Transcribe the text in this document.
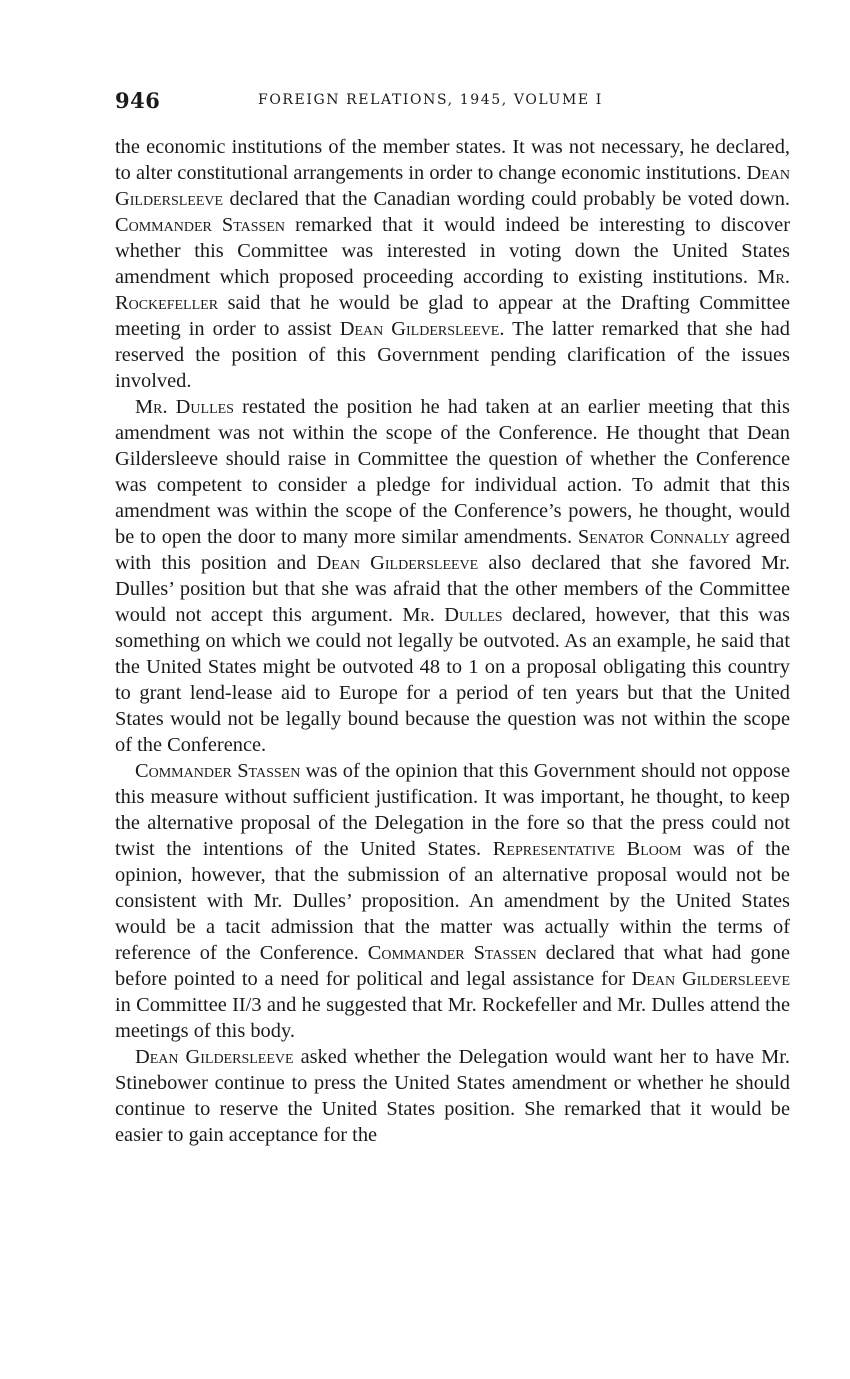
946	FOREIGN RELATIONS, 1945, VOLUME I

the economic institutions of the member states. It was not necessary, he declared, to alter constitutional arrangements in order to change economic institutions. Dean Gildersleeve declared that the Canadian wording could probably be voted down. Commander Stassen remarked that it would indeed be interesting to discover whether this Committee was interested in voting down the United States amendment which proposed proceeding according to existing institutions. Mr. Rockefeller said that he would be glad to appear at the Drafting Committee meeting in order to assist Dean Gildersleeve. The latter remarked that she had reserved the position of this Government pending clarification of the issues involved.

Mr. Dulles restated the position he had taken at an earlier meeting that this amendment was not within the scope of the Conference. He thought that Dean Gildersleeve should raise in Committee the question of whether the Conference was competent to consider a pledge for individual action. To admit that this amendment was within the scope of the Conference’s powers, he thought, would be to open the door to many more similar amendments. Senator Connally agreed with this position and Dean Gildersleeve also declared that she favored Mr. Dulles’ position but that she was afraid that the other members of the Committee would not accept this argument. Mr. Dulles declared, however, that this was something on which we could not legally be outvoted. As an example, he said that the United States might be outvoted 48 to 1 on a proposal obligating this country to grant lend-lease aid to Europe for a period of ten years but that the United States would not be legally bound because the question was not within the scope of the Conference.

Commander Stassen was of the opinion that this Government should not oppose this measure without sufficient justification. It was important, he thought, to keep the alternative proposal of the Delegation in the fore so that the press could not twist the intentions of the United States. Representative Bloom was of the opinion, however, that the submission of an alternative proposal would not be consistent with Mr. Dulles’ proposition. An amendment by the United States would be a tacit admission that the matter was actually within the terms of reference of the Conference. Commander Stassen declared that what had gone before pointed to a need for political and legal assistance for Dean Gildersleeve in Committee II/3 and he suggested that Mr. Rockefeller and Mr. Dulles attend the meetings of this body.

Dean Gildersleeve asked whether the Delegation would want her to have Mr. Stinebower continue to press the United States amendment or whether he should continue to reserve the United States position. She remarked that it would be easier to gain acceptance for the
